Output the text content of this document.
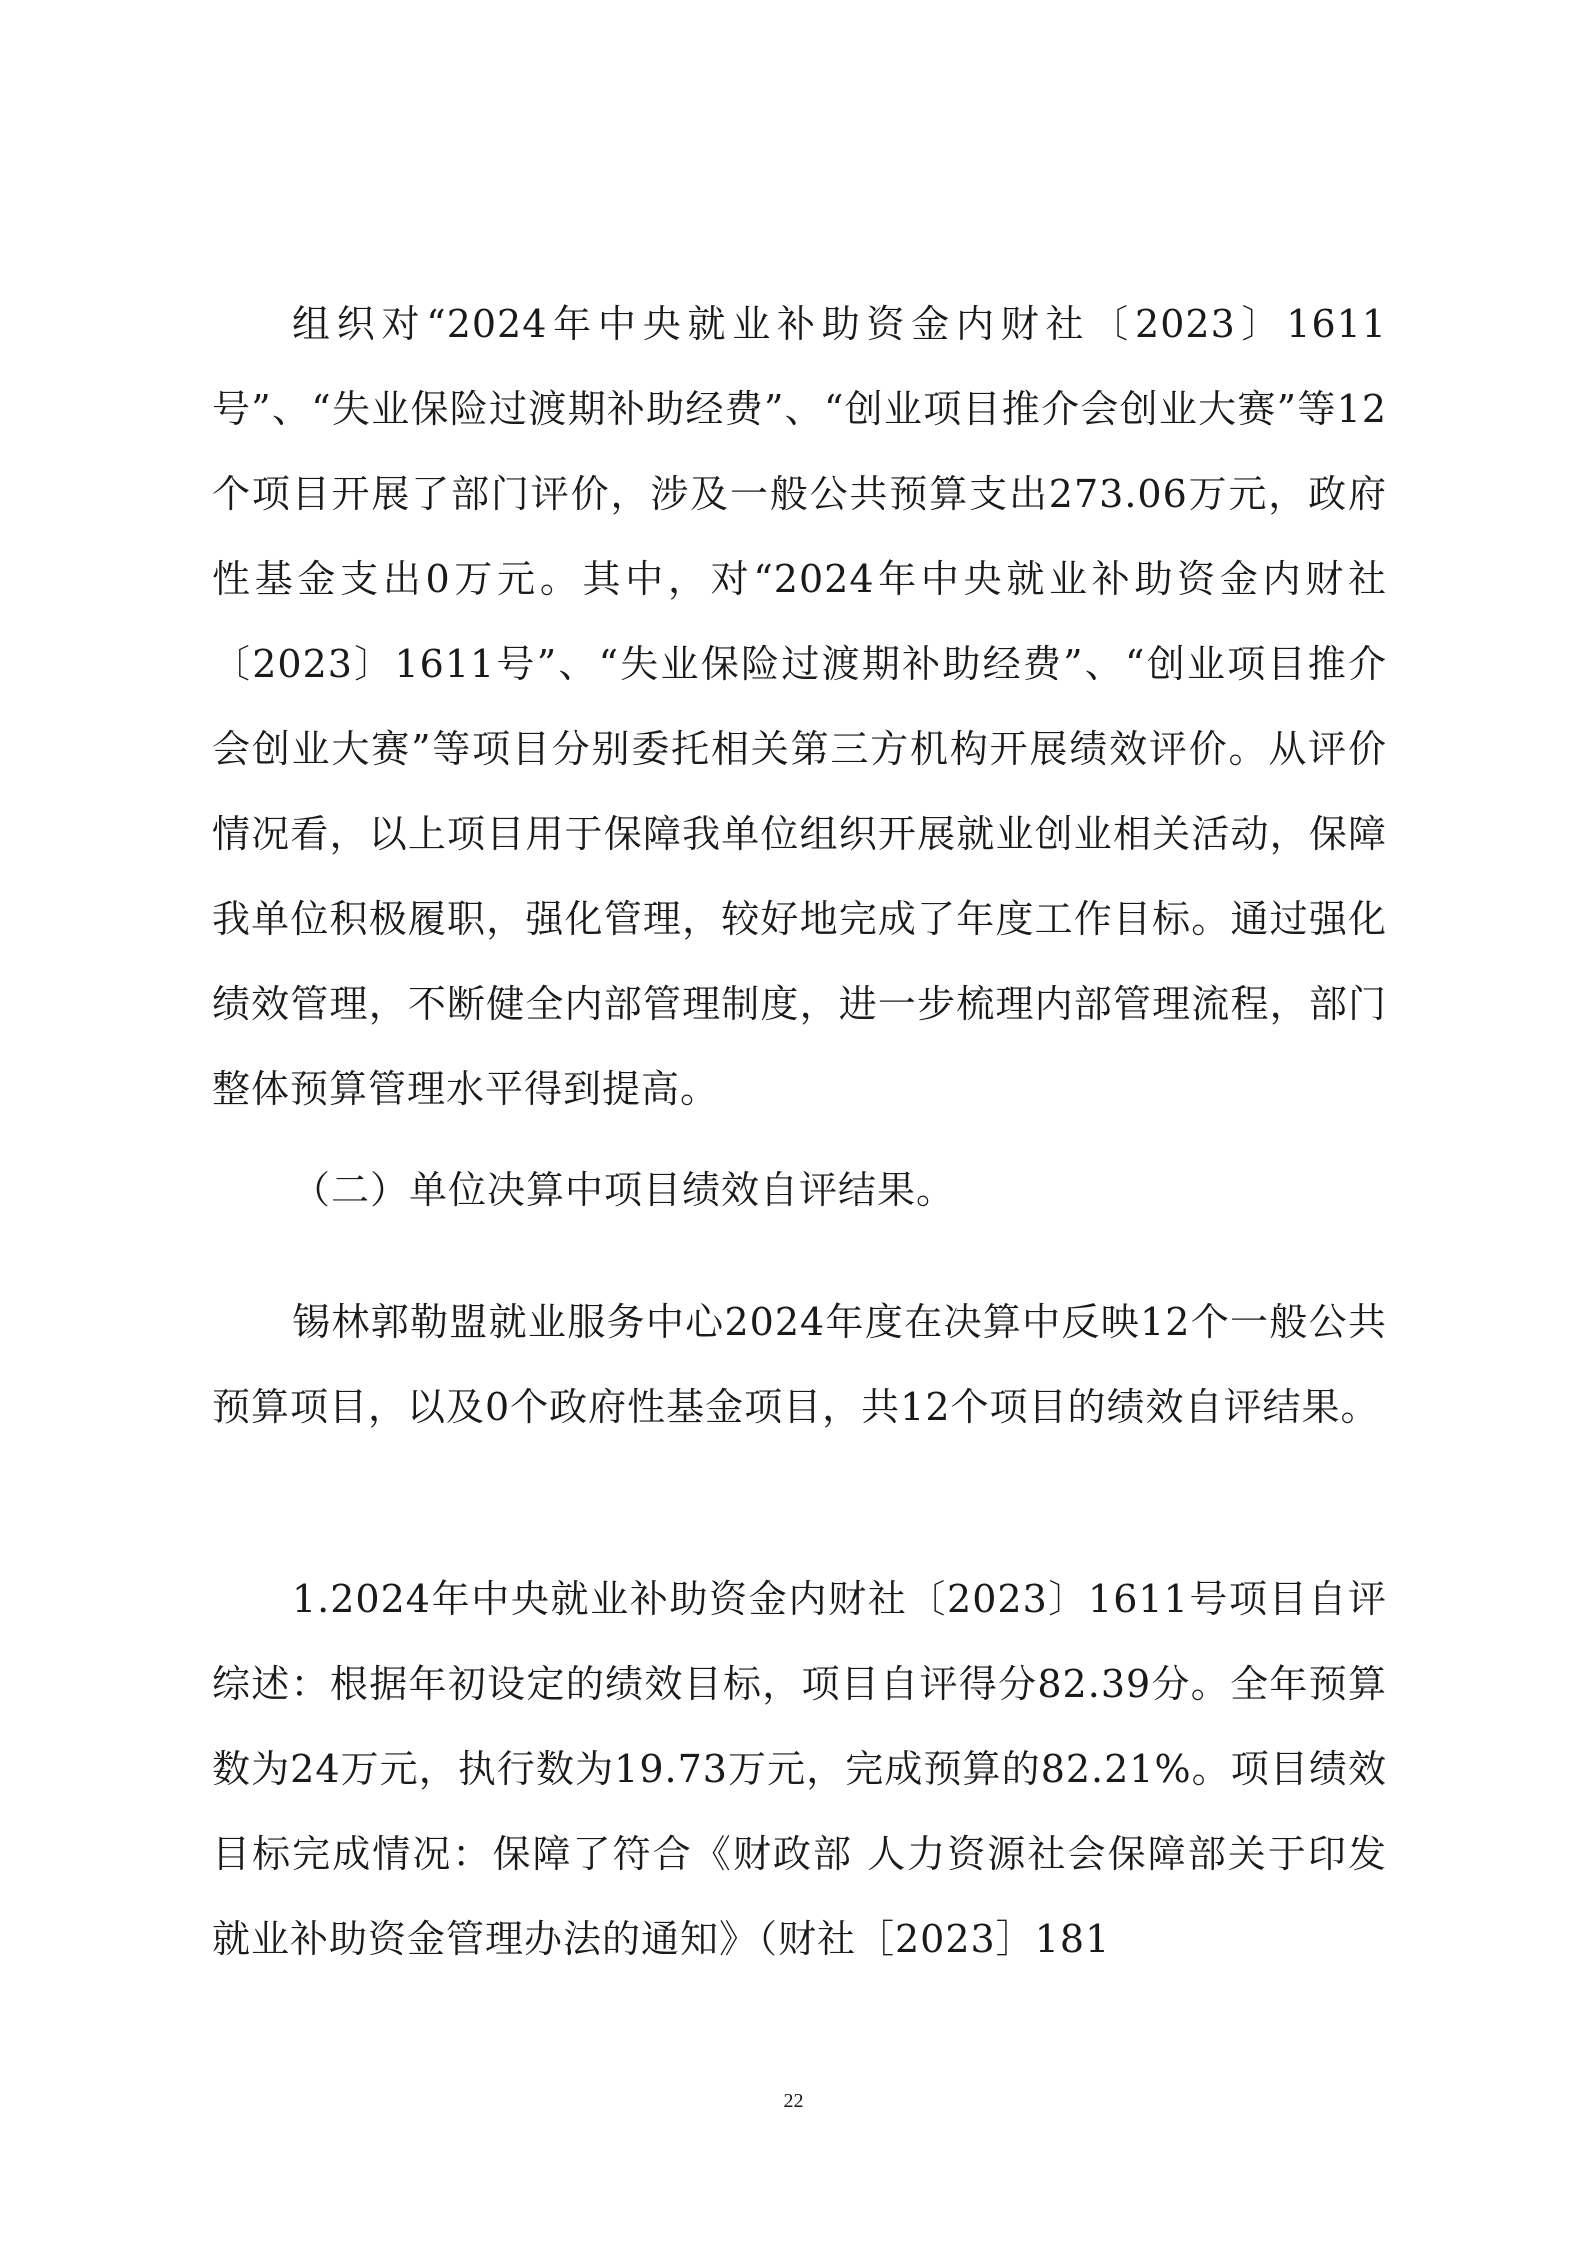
组织对“2024年中央就业补助资金内财社〔2023〕1611号”、“失业保险过渡期补助经费”、“创业项目推介会创业大赛”等12个项目开展了部门评价，涉及一般公共预算支出273.06万元，政府性基金支出0万元。其中，对“2024年中央就业补助资金内财社〔2023〕1611号”、“失业保险过渡期补助经费”、“创业项目推介会创业大赛”等项目分别委托相关第三方机构开展绩效评价。从评价情况看，以上项目用于保障我单位组织开展就业创业相关活动，保障我单位积极履职，强化管理，较好地完成了年度工作目标。通过强化绩效管理，不断健全内部管理制度，进一步梳理内部管理流程，部门整体预算管理水平得到提高。

（二）单位决算中项目绩效自评结果。

锡林郭勒盟就业服务中心2024年度在决算中反映12个一般公共预算项目，以及0个政府性基金项目，共12个项目的绩效自评结果。

1.2024年中央就业补助资金内财社〔2023〕1611号项目自评综述：根据年初设定的绩效目标，项目自评得分82.39分。全年预算数为24万元，执行数为19.73万元，完成预算的82.21%。项目绩效目标完成情况：保障了符合《财政部 人力资源社会保障部关于印发就业补助资金管理办法的通知》（财社［2023］181

22
